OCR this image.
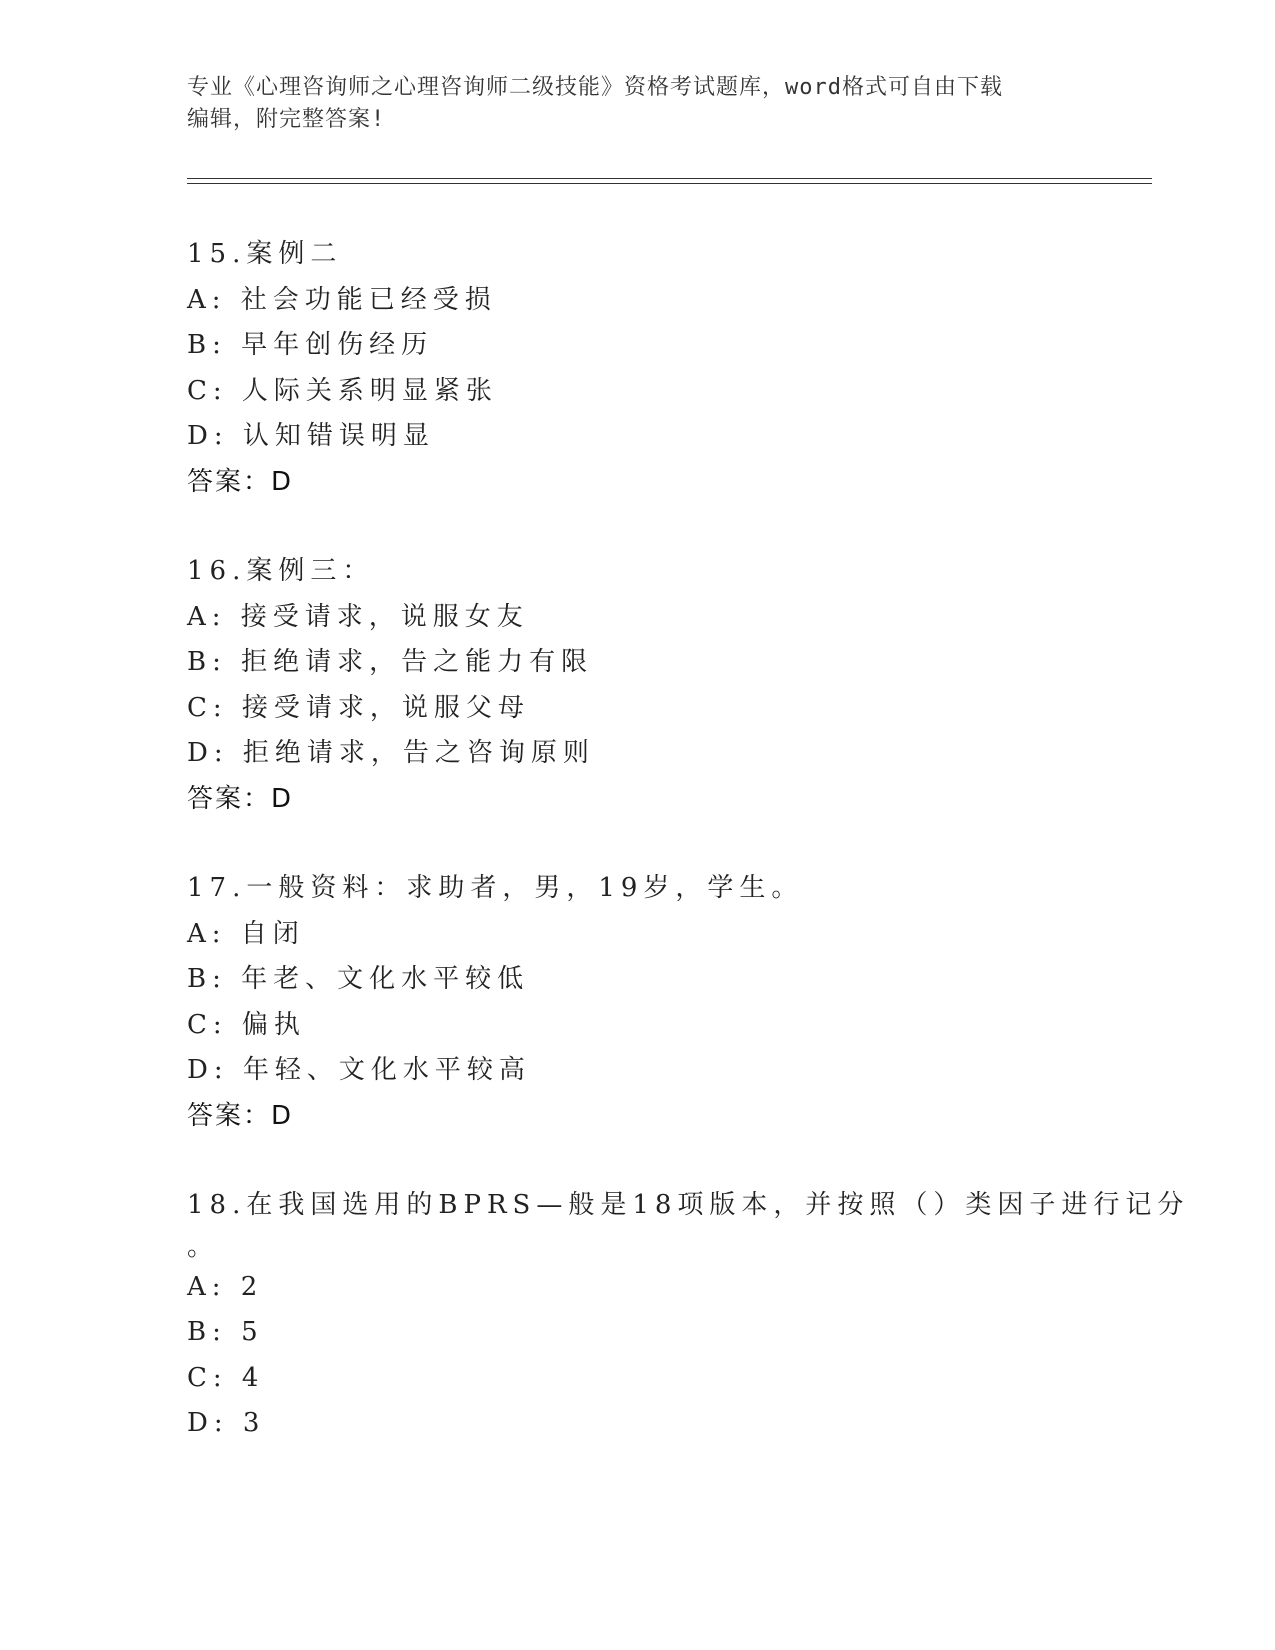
专业《心理咨询师之心理咨询师二级技能》资格考试题库，word格式可自由下载
编辑，附完整答案!
15.案例二
A: 社会功能已经受损
B: 早年创伤经历
C: 人际关系明显紧张
D: 认知错误明显
答案：D
16.案例三：
A: 接受请求，说服女友
B: 拒绝请求，告之能力有限
C: 接受请求，说服父母
D: 拒绝请求，告之咨询原则
答案：D
17.一般资料：求助者，男，19岁，学生。
A: 自闭
B: 年老、文化水平较低
C: 偏执
D: 年轻、文化水平较高
答案：D
18.在我国选用的BPRS—般是18项版本，并按照（）类因子进行记分
。
A: 2
B: 5
C: 4
D: 3
